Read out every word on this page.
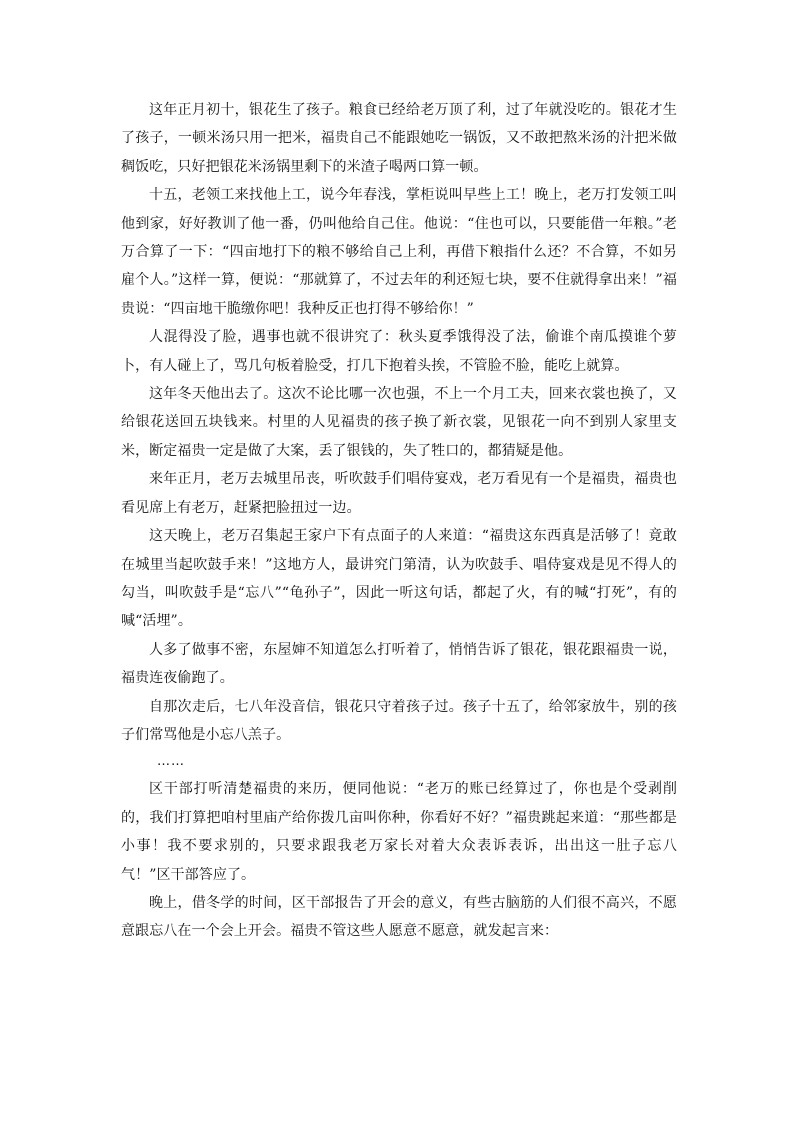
这年正月初十，银花生了孩子。粮食已经给老万顶了利，过了年就没吃的。银花才生了孩子，一顿米汤只用一把米，福贵自己不能跟她吃一锅饭，又不敢把熬米汤的汁把米做稠饭吃，只好把银花米汤锅里剩下的米渣子喝两口算一顿。

十五，老领工来找他上工，说今年春浅，掌柜说叫早些上工！晚上，老万打发领工叫他到家，好好教训了他一番，仍叫他给自己住。他说：“住也可以，只要能借一年粮。”老万合算了一下：“四亩地打下的粮不够给自己上利，再借下粮指什么还？不合算，不如另雇个人。”这样一算，便说：“那就算了，不过去年的利还短七块，要不住就得拿出来！”福贵说：“四亩地干脆缴你吧！我种反正也打得不够给你！”

人混得没了脸，遇事也就不很讲究了：秋头夏季饿得没了法，偷谁个南瓜摸谁个萝卜，有人碰上了，骂几句板着脸受，打几下抱着头挨，不管脸不脸，能吃上就算。

这年冬天他出去了。这次不论比哪一次也强，不上一个月工夫，回来衣裳也换了，又给银花送回五块钱来。村里的人见福贵的孩子换了新衣裳，见银花一向不到别人家里支米，断定福贵一定是做了大案，丢了银钱的，失了牲口的，都猜疑是他。

来年正月，老万去城里吊丧，听吹鼓手们唱侍宴戏，老万看见有一个是福贵，福贵也看见席上有老万，赶紧把脸扭过一边。

这天晚上，老万召集起王家户下有点面子的人来道：“福贵这东西真是活够了！竟敢在城里当起吹鼓手来！”这地方人，最讲究门第清，认为吹鼓手、唱侍宴戏是见不得人的勾当，叫吹鼓手是“忘八”“龟孙子”，因此一听这句话，都起了火，有的喊“打死”，有的喊“活埋”。

人多了做事不密，东屋婶不知道怎么打听着了，悄悄告诉了银花，银花跟福贵一说，福贵连夜偷跑了。

自那次走后，七八年没音信，银花只守着孩子过。孩子十五了，给邻家放牛，别的孩子们常骂他是小忘八羔子。

……

区干部打听清楚福贵的来历，便同他说：“老万的账已经算过了，你也是个受剥削的，我们打算把咱村里庙产给你拨几亩叫你种，你看好不好？”福贵跳起来道：“那些都是小事！我不要求别的，只要求跟我老万家长对着大众表诉表诉，出出这一肚子忘八气！”区干部答应了。

晚上，借冬学的时间，区干部报告了开会的意义，有些古脑筋的人们很不高兴，不愿意跟忘八在一个会上开会。福贵不管这些人愿意不愿意，就发起言来：
